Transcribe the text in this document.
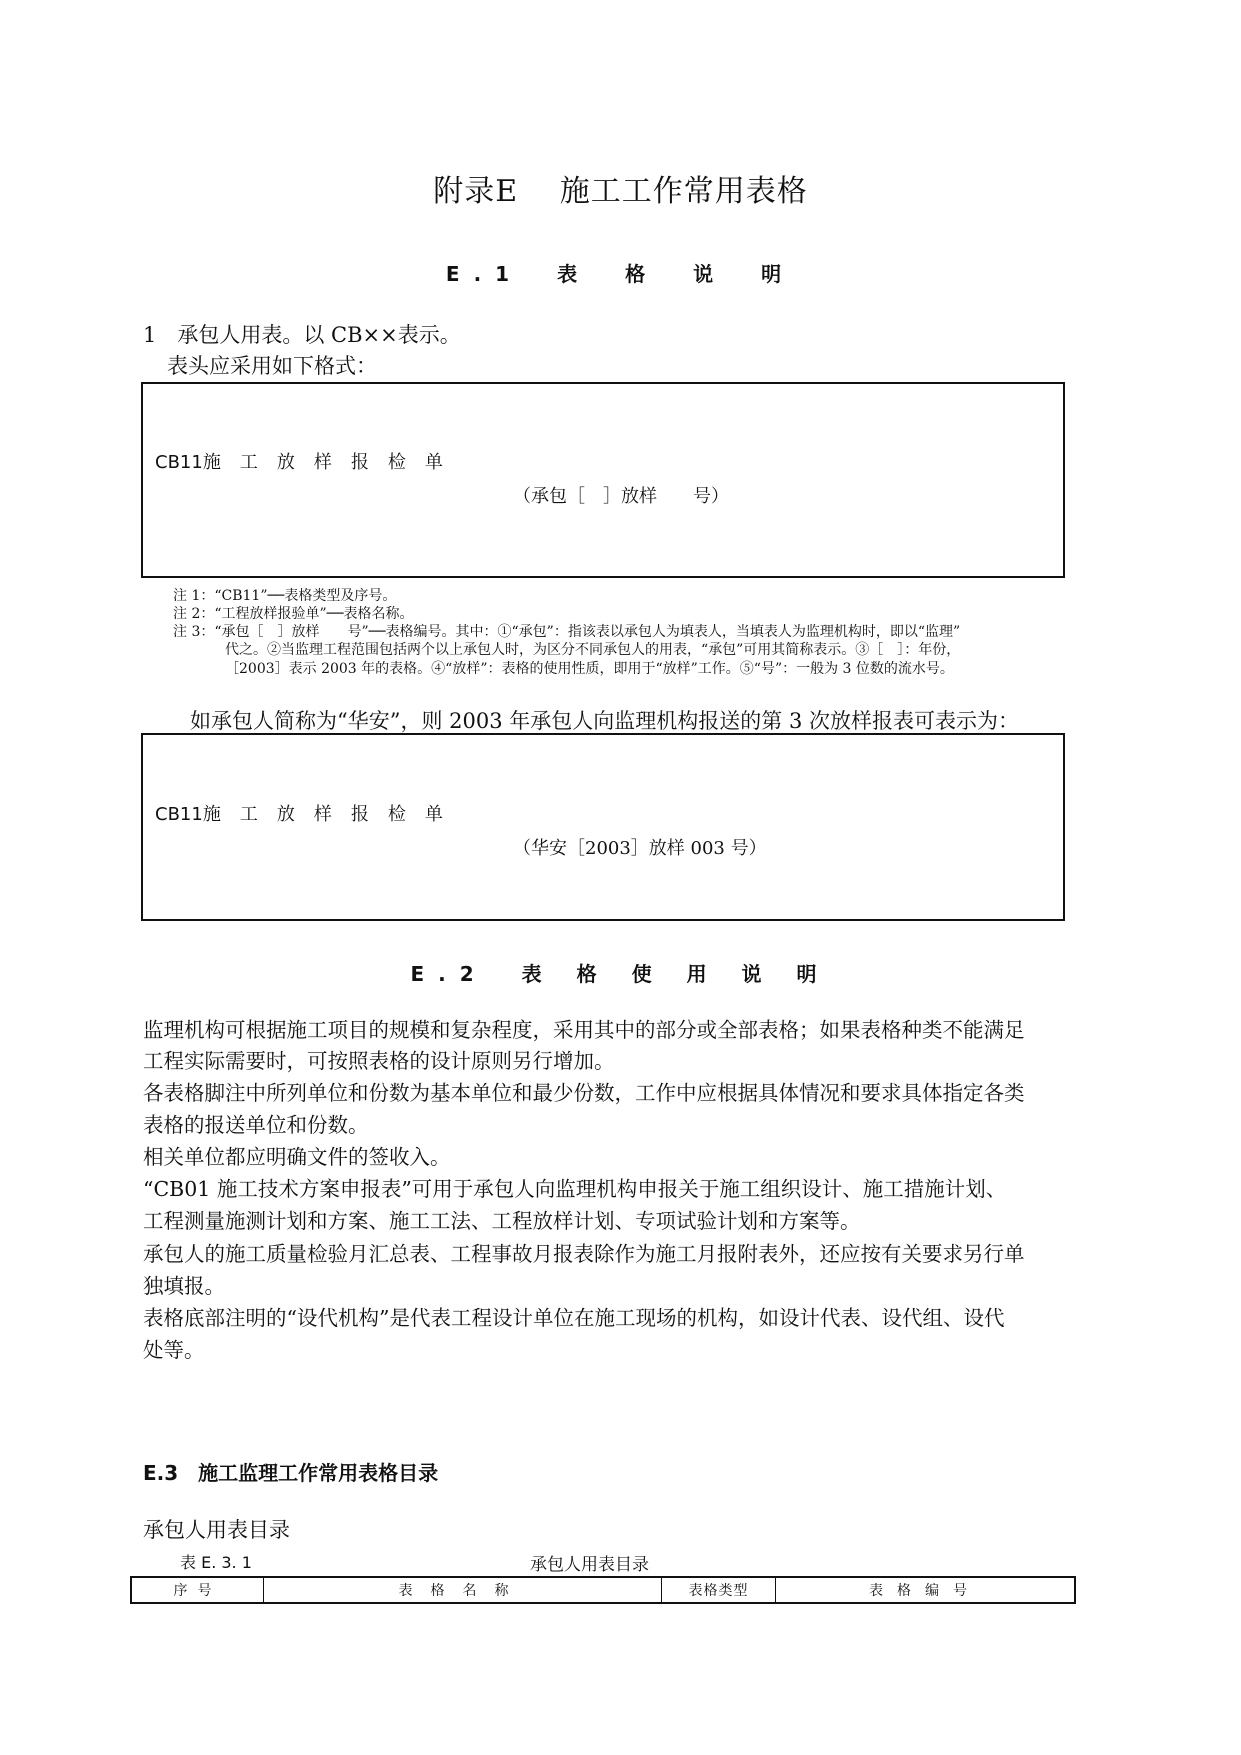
附录E　 施工工作常用表格
E.1　表　格　说　明
1　承包人用表。以 CB××表示。
表头应采用如下格式：
CB11施工放样报检单
（承包［　］放样　　号）
注 1：“CB11”──表格类型及序号。
注 2：“工程放样报验单”──表格名称。
注 3：“承包［　］放样　　号”──表格编号。其中：①“承包”：指该表以承包人为填表人，当填表人为监理机构时，即以“监理”
代之。②当监理工程范围包括两个以上承包人时，为区分不同承包人的用表，“承包”可用其简称表示。③［　］：年份，
［2003］表示 2003 年的表格。④“放样”：表格的使用性质，即用于“放样”工作。⑤“号”：一般为 3 位数的流水号。
如承包人简称为“华安”，则 2003 年承包人向监理机构报送的第 3 次放样报表可表示为：
CB11施工放样报检单
（华安［2003］放样 003 号）
E.2　表 格 使 用 说 明
监理机构可根据施工项目的规模和复杂程度，采用其中的部分或全部表格；如果表格种类不能满足
工程实际需要时，可按照表格的设计原则另行增加。
各表格脚注中所列单位和份数为基本单位和最少份数，工作中应根据具体情况和要求具体指定各类
表格的报送单位和份数。
相关单位都应明确文件的签收入。
“CB01 施工技术方案申报表”可用于承包人向监理机构申报关于施工组织设计、施工措施计划、
工程测量施测计划和方案、施工工法、工程放样计划、专项试验计划和方案等。
承包人的施工质量检验月汇总表、工程事故月报表除作为施工月报附表外，还应按有关要求另行单
独填报。
表格底部注明的“设代机构”是代表工程设计单位在施工现场的机构，如设计代表、设代组、设代
处等。
E.3　施工监理工作常用表格目录
承包人用表目录
表 E. 3. 1	承包人用表目录
序号	表格名称	表格类型	表格编号
